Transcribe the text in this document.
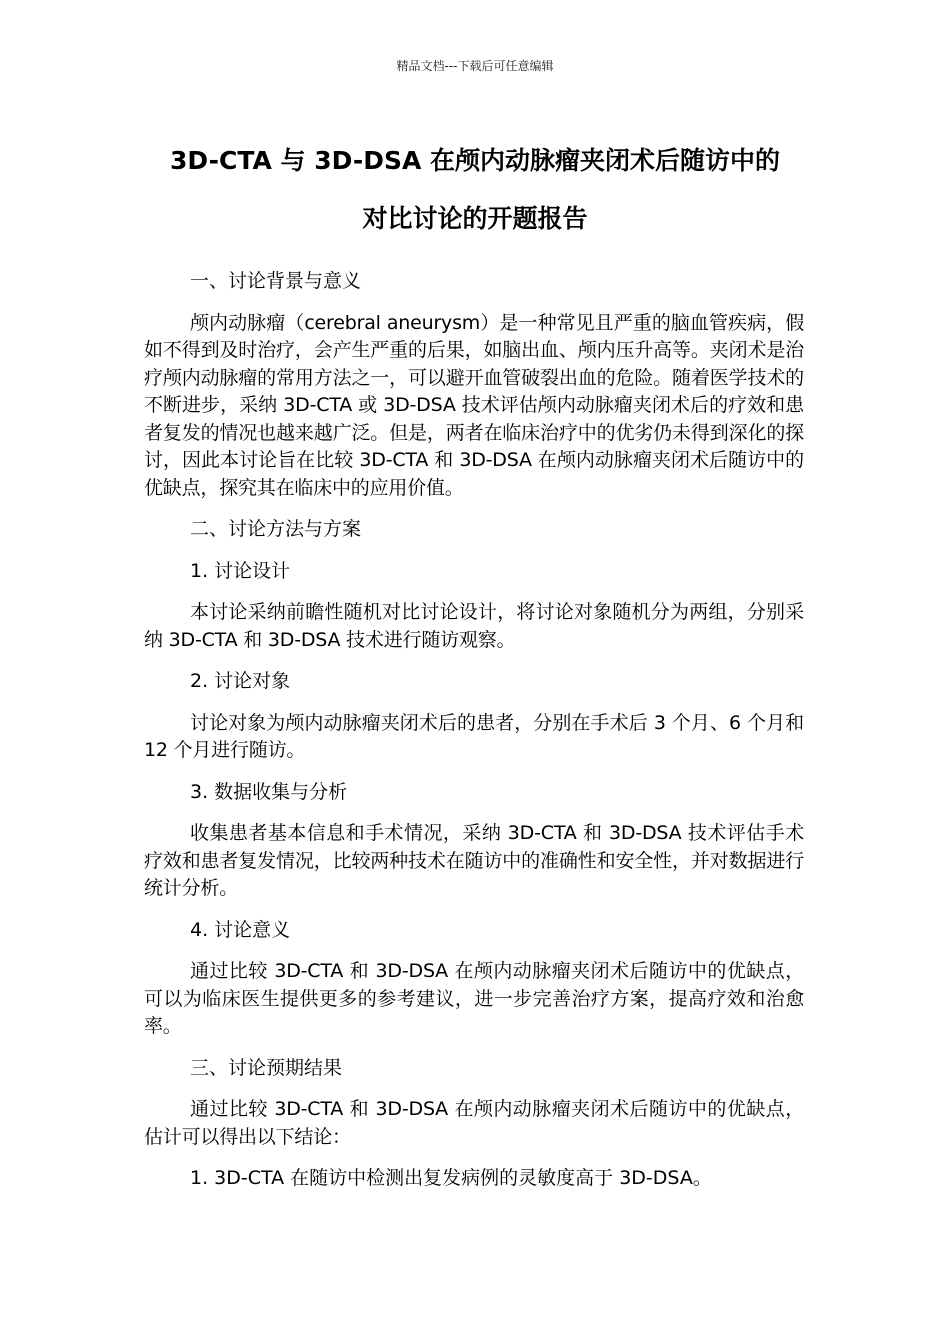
精品文档---下载后可任意编辑
3D-CTA 与 3D-DSA 在颅内动脉瘤夹闭术后随访中的
对比讨论的开题报告

一、讨论背景与意义

颅内动脉瘤（cerebral aneurysm）是一种常见且严重的脑血管疾病，假如不得到及时治疗，会产生严重的后果，如脑出血、颅内压升高等。夹闭术是治疗颅内动脉瘤的常用方法之一，可以避开血管破裂出血的危险。随着医学技术的不断进步，采纳 3D-CTA 或 3D-DSA 技术评估颅内动脉瘤夹闭术后的疗效和患者复发的情况也越来越广泛。但是，两者在临床治疗中的优劣仍未得到深化的探讨，因此本讨论旨在比较 3D-CTA 和 3D-DSA 在颅内动脉瘤夹闭术后随访中的优缺点，探究其在临床中的应用价值。

二、讨论方法与方案

1. 讨论设计

本讨论采纳前瞻性随机对比讨论设计，将讨论对象随机分为两组，分别采纳 3D-CTA 和 3D-DSA 技术进行随访观察。

2. 讨论对象

讨论对象为颅内动脉瘤夹闭术后的患者，分别在手术后 3 个月、6 个月和 12 个月进行随访。

3. 数据收集与分析

收集患者基本信息和手术情况，采纳 3D-CTA 和 3D-DSA 技术评估手术疗效和患者复发情况，比较两种技术在随访中的准确性和安全性，并对数据进行统计分析。

4. 讨论意义

通过比较 3D-CTA 和 3D-DSA 在颅内动脉瘤夹闭术后随访中的优缺点，可以为临床医生提供更多的参考建议，进一步完善治疗方案，提高疗效和治愈率。

三、讨论预期结果

通过比较 3D-CTA 和 3D-DSA 在颅内动脉瘤夹闭术后随访中的优缺点，估计可以得出以下结论：

1. 3D-CTA 在随访中检测出复发病例的灵敏度高于 3D-DSA。
